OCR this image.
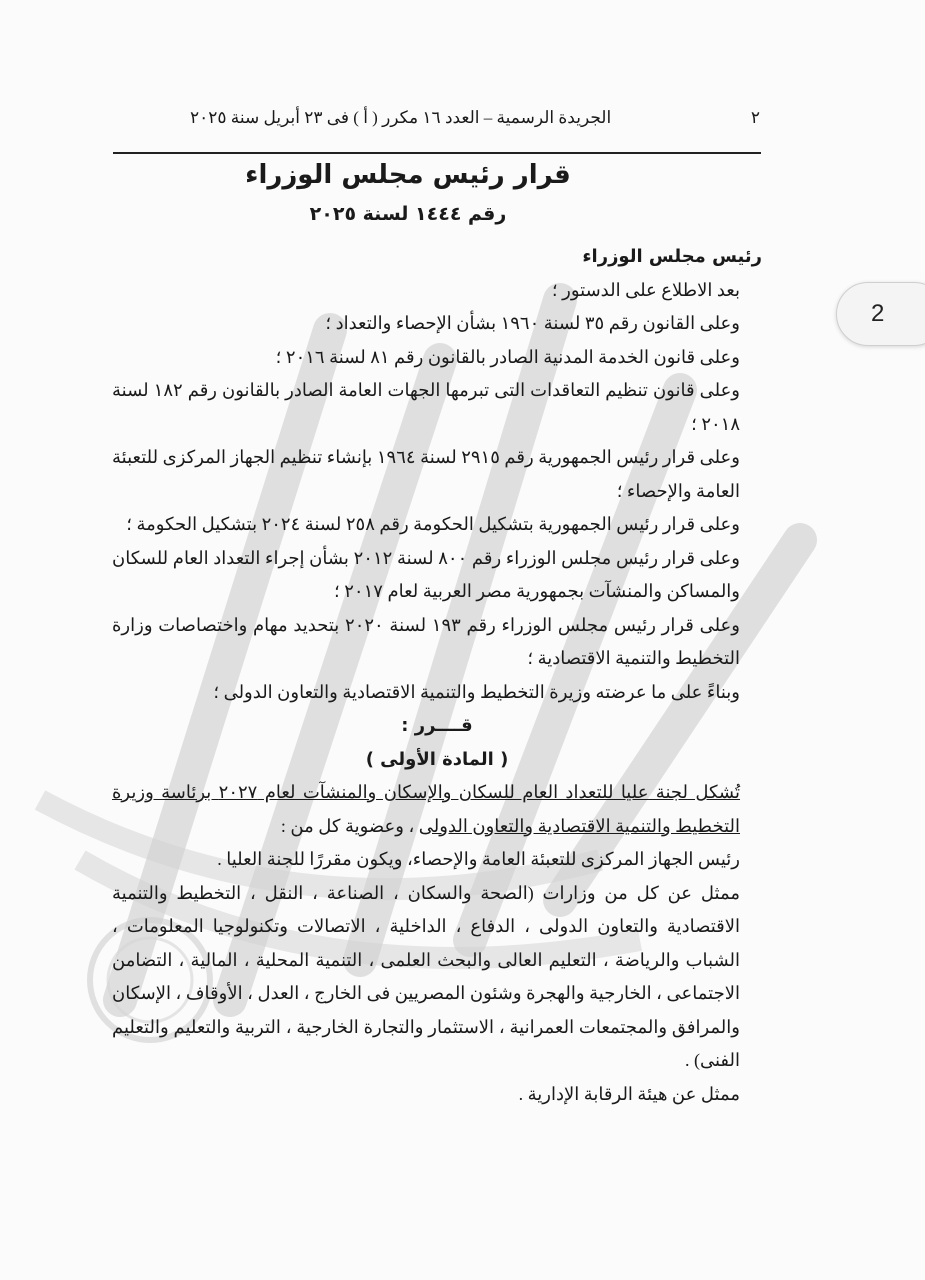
٢
الجريدة الرسمية – العدد ١٦ مكرر ( أ ) فى ٢٣ أبريل سنة ٢٠٢٥
قرار رئيس مجلس الوزراء
رقم ١٤٤٤ لسنة ٢٠٢٥

رئيس مجلس الوزراء

بعد الاطلاع على الدستور ؛

وعلى القانون رقم ٣٥ لسنة ١٩٦٠ بشأن الإحصاء والتعداد ؛

وعلى قانون الخدمة المدنية الصادر بالقانون رقم ٨١ لسنة ٢٠١٦ ؛

وعلى قانون تنظيم التعاقدات التى تبرمها الجهات العامة الصادر بالقانون رقم ١٨٢ لسنة ٢٠١٨ ؛

وعلى قرار رئيس الجمهورية رقم ٢٩١٥ لسنة ١٩٦٤ بإنشاء تنظيم الجهاز المركزى للتعبئة العامة والإحصاء ؛

وعلى قرار رئيس الجمهورية بتشكيل الحكومة رقم ٢٥٨ لسنة ٢٠٢٤ بتشكيل الحكومة ؛

وعلى قرار رئيس مجلس الوزراء رقم ٨٠٠ لسنة ٢٠١٢ بشأن إجراء التعداد العام للسكان والمساكن والمنشآت بجمهورية مصر العربية لعام ٢٠١٧ ؛

وعلى قرار رئيس مجلس الوزراء رقم ١٩٣ لسنة ٢٠٢٠ بتحديد مهام واختصاصات وزارة التخطيط والتنمية الاقتصادية ؛

وبناءً على ما عرضته وزيرة التخطيط والتنمية الاقتصادية والتعاون الدولى ؛

قــــرر :

( المادة الأولى )

تُشكل لجنة عليا للتعداد العام للسكان والإسكان والمنشآت لعام ٢٠٢٧ برئاسة وزيرة التخطيط والتنمية الاقتصادية والتعاون الدولى ، وعضوية كل من :

رئيس الجهاز المركزى للتعبئة العامة والإحصاء، ويكون مقررًا للجنة العليا .

ممثل عن كل من وزارات (الصحة والسكان ، الصناعة ، النقل ، التخطيط والتنمية الاقتصادية والتعاون الدولى ، الدفاع ، الداخلية ، الاتصالات وتكنولوجيا المعلومات ، الشباب والرياضة ، التعليم العالى والبحث العلمى ، التنمية المحلية ، المالية ، التضامن الاجتماعى ، الخارجية والهجرة وشئون المصريين فى الخارج ، العدل ، الأوقاف ، الإسكان والمرافق والمجتمعات العمرانية ، الاستثمار والتجارة الخارجية ، التربية والتعليم والتعليم الفنى) .

ممثل عن هيئة الرقابة الإدارية .

2
